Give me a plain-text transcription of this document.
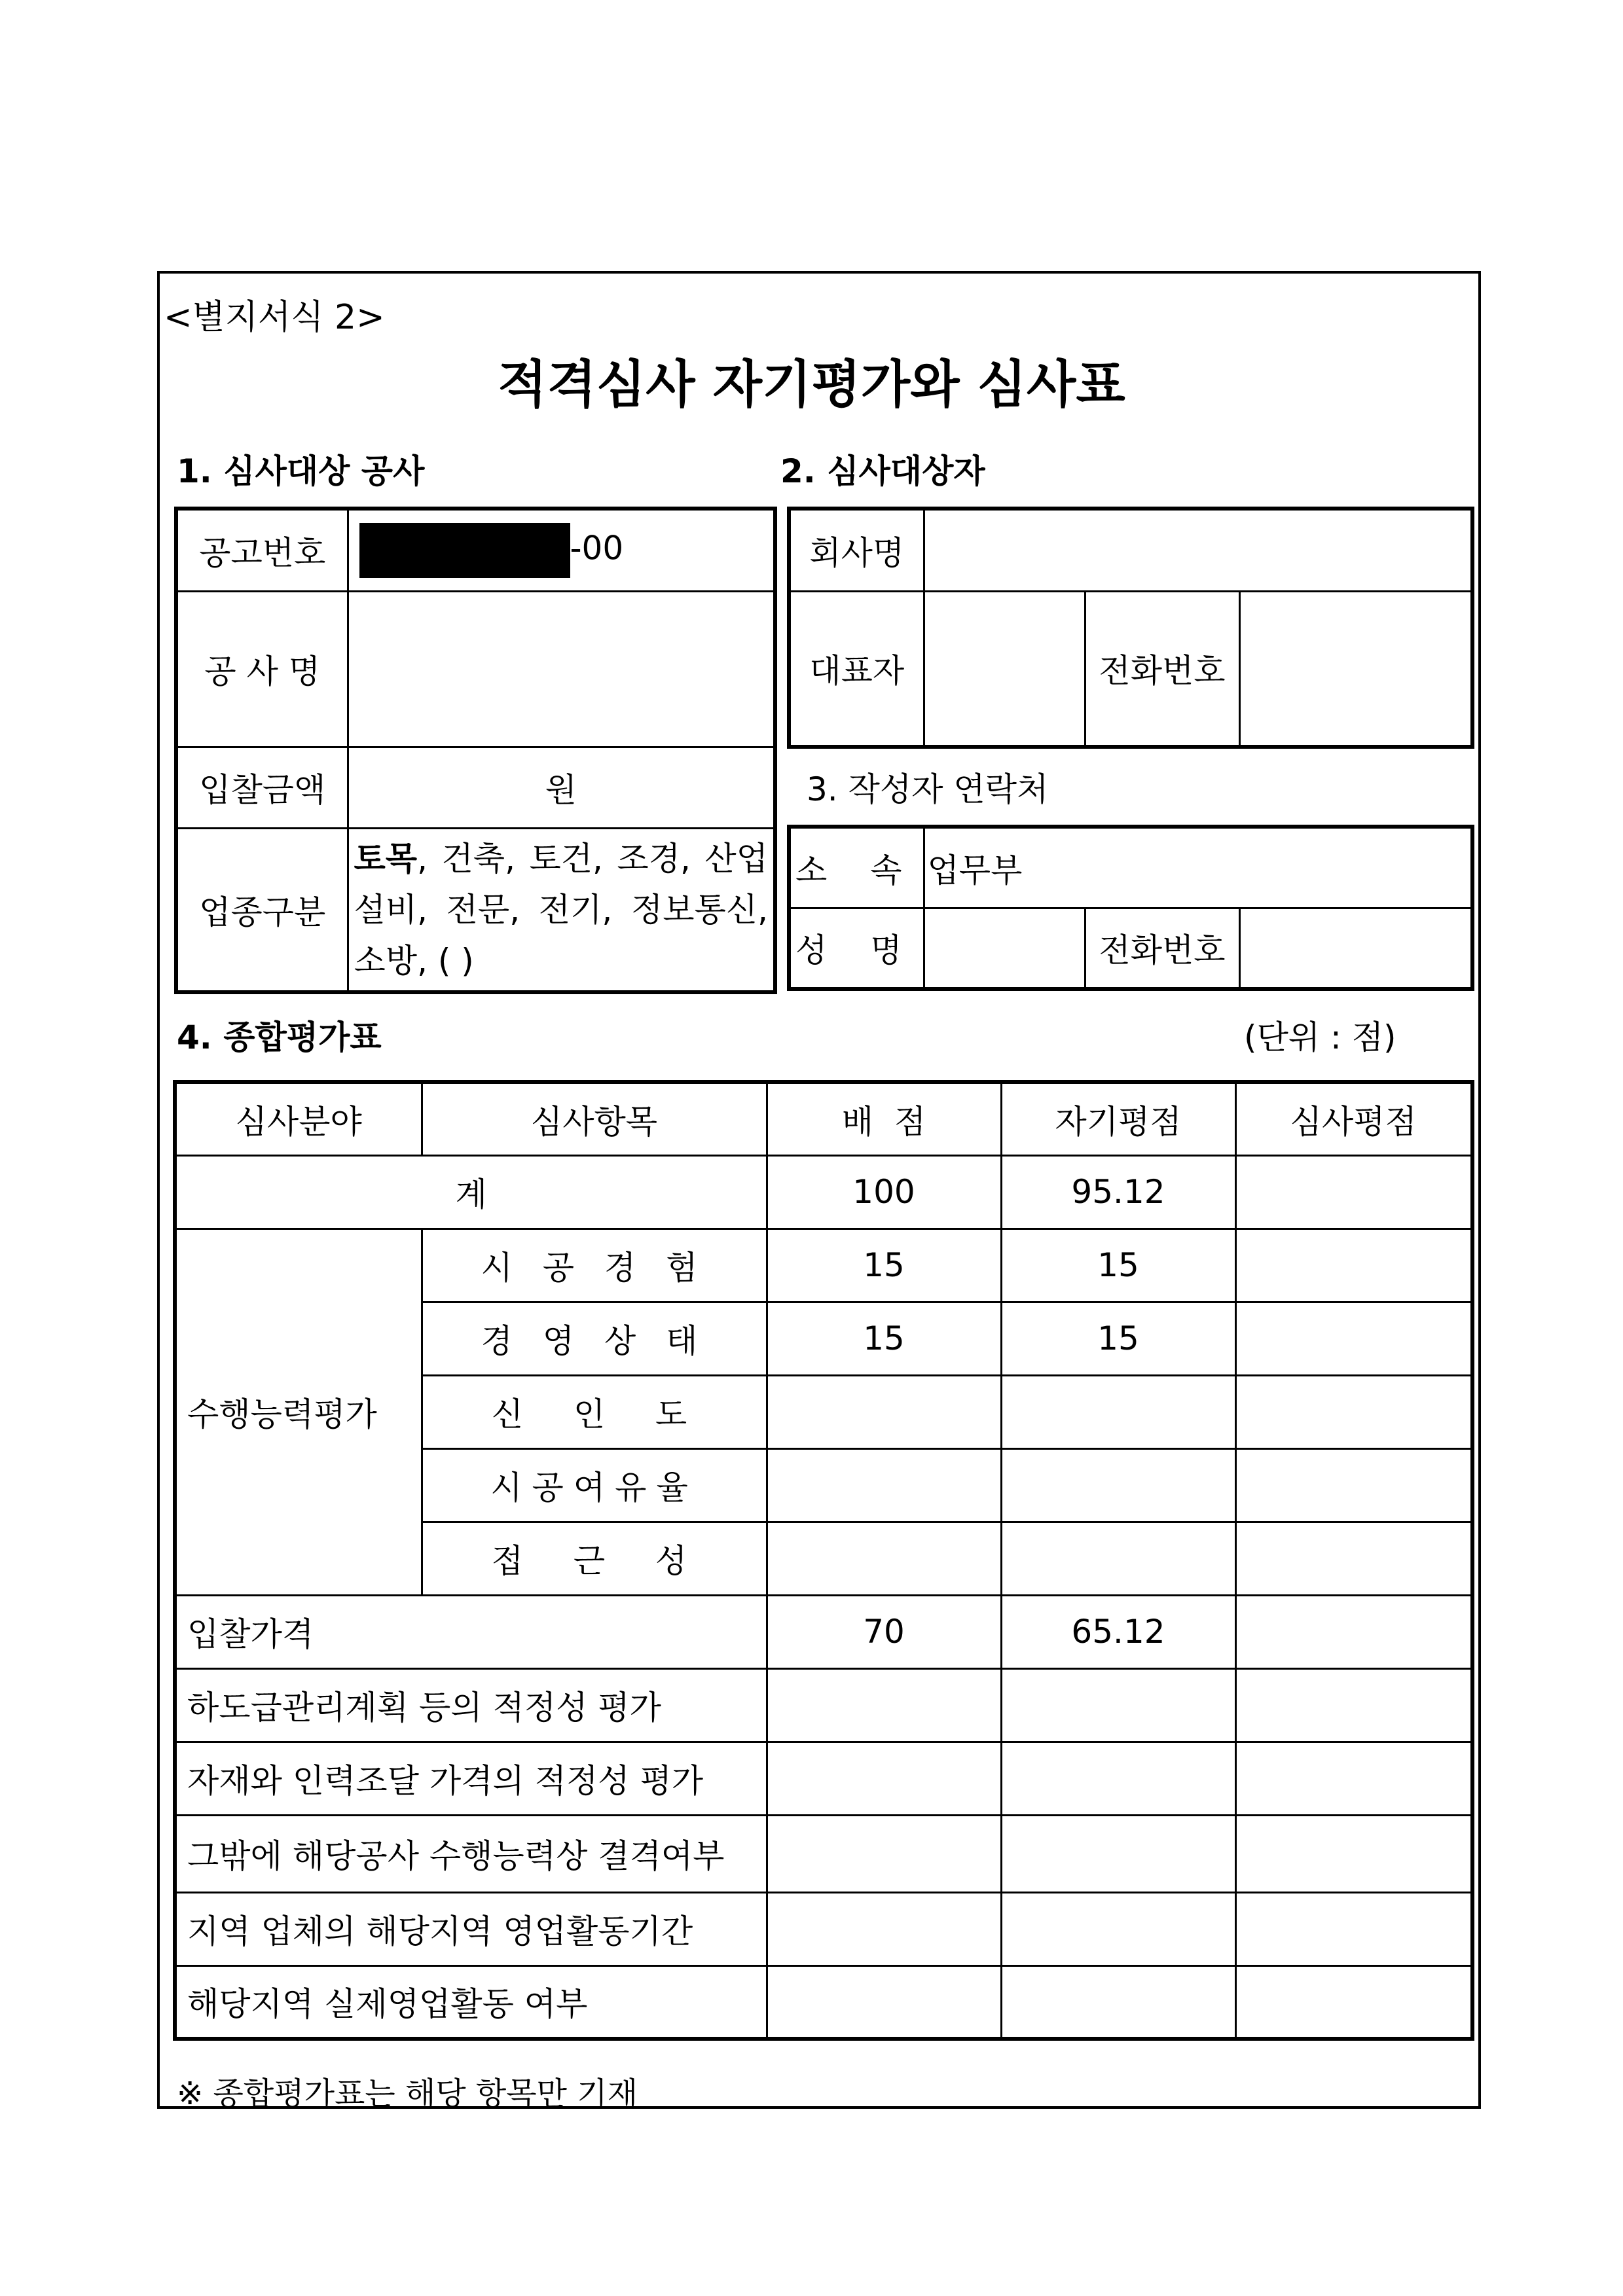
<별지서식 2>
적격심사 자기평가와 심사표
1. 심사대상 공사	2. 심사대상자
공고번호	-00
공 사 명	
입찰금액	원
업종구분	토목, 건축, 토건, 조경, 산업설비, 전문, 전기, 정보통신, 소방, ( )
회사명			
대표자		전화번호	
3. 작성자 연락처
소 속	업무부		
성 명		전화번호	
4. 종합평가표	(단위 : 점)
심사분야	심사항목	배  점	자기평점	심사평점
계		100	95.12	
수행능력평가	시 공 경 험	15	15	
	경 영 상 태	15	15	
	신  인  도			
	시공여유율			
	접  근  성			
입찰가격		70	65.12	
하도급관리계획 등의 적정성 평가				
자재와 인력조달 가격의 적정성 평가				
그밖에 해당공사 수행능력상 결격여부				
지역 업체의 해당지역 영업활동기간				
해당지역 실제영업활동 여부				
※ 종합평가표는 해당 항목만 기재
